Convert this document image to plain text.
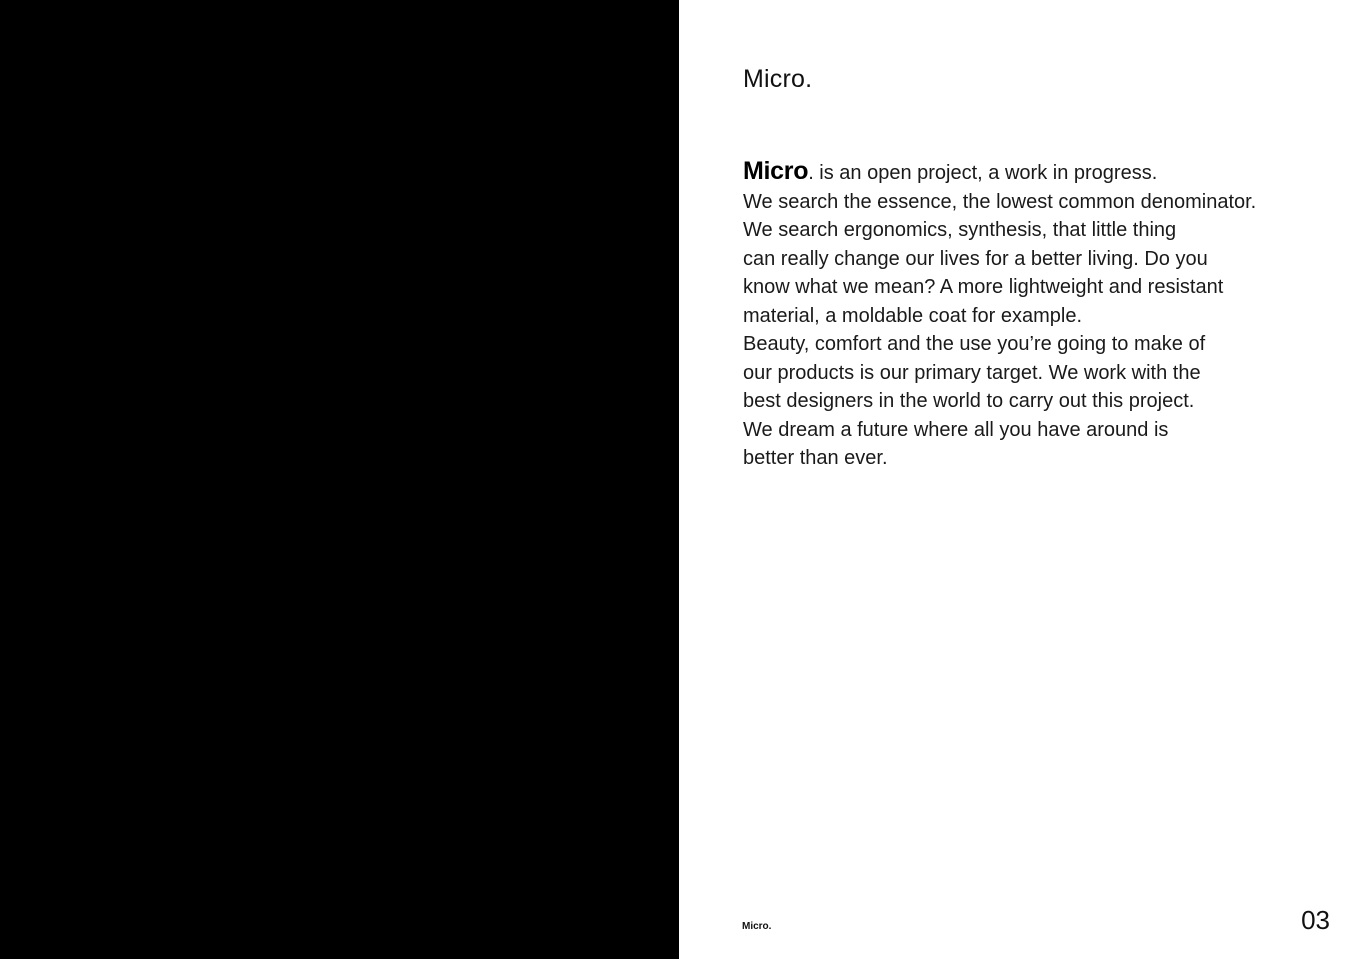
Micro.

Micro. is an open project, a work in progress.
We search the essence, the lowest common denominator.
We search ergonomics, synthesis, that little thing
can really change our lives for a better living. Do you
know what we mean? A more lightweight and resistant
material, a moldable coat for example.
Beauty, comfort and the use you’re going to make of
our products is our primary target. We work with the
best designers in the world to carry out this project.
We dream a future where all you have around is
better than ever.

Micro.	03
